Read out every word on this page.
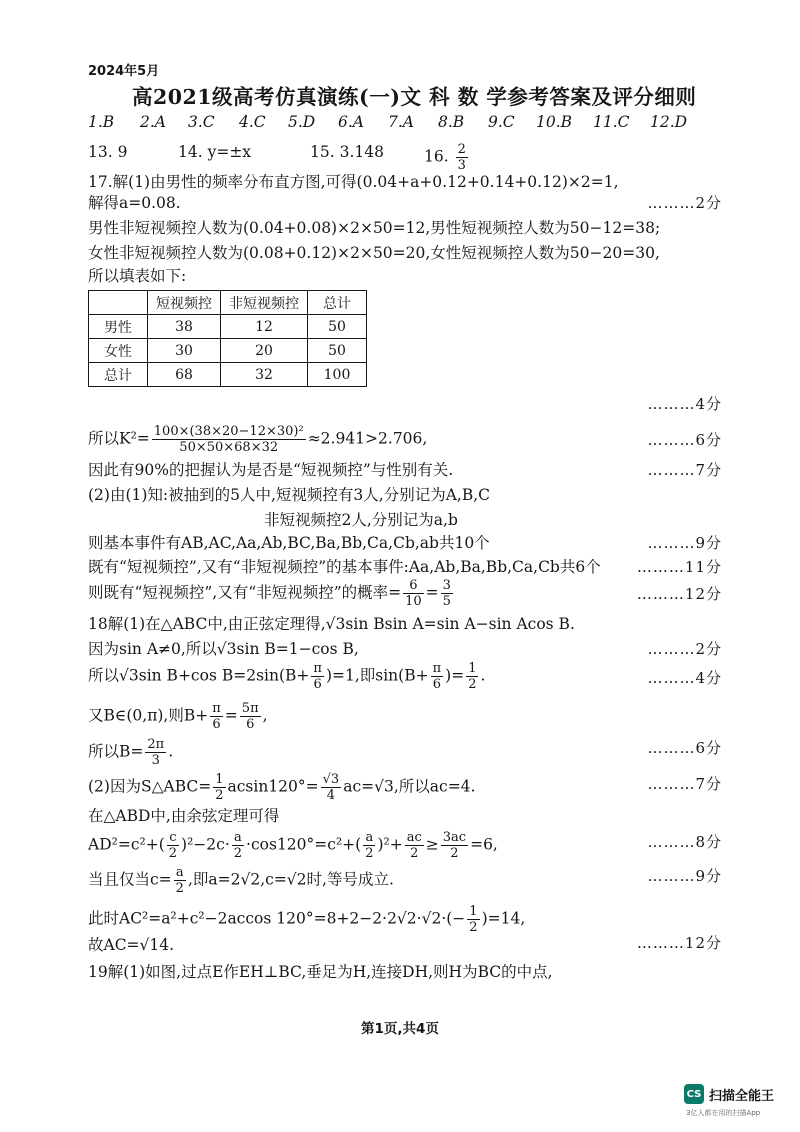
2024年5月
高2021级高考仿真演练(一)文 科 数 学参考答案及评分细则
1.B 2.A 3.C 4.C 5.D 6.A 7.A 8.B 9.C 10.B 11.C 12.D
13. 9	14. y=±x	15. 3.148	16. $\frac{2}{3}$
17.解(1)由男性的频率分布直方图,可得(0.04+a+0.12+0.14+0.12)×2=1,
解得a=0.08.	………2分
男性非短视频控人数为(0.04+0.08)×2×50=12,男性短视频控人数为50−12=38;
女性非短视频控人数为(0.08+0.12)×2×50=20,女性短视频控人数为50−20=30,
所以填表如下:
	短视频控	非短视频控	总计
男性	38	12	50
女性	30	20	50
总计	68	32	100
………4分
所以$K^2= \frac{\text{100×(38×20−12×30)²}}{50\times 50\times 68\times 32} \approx 2.941>2.706$,	………6分
因此有90%的把握认为是否是“短视频控”与性别有关.	………7分
(2)由(1)知:被抽到的5人中,短视频控有3人,分别记为A,B,C
非短视频控2人,分别记为a,b
则基本事件有AB,AC,Aa,Ab,BC,Ba,Bb,Ca,Cb,ab共10个	………9分
既有“短视频控”,又有“非短视频控”的基本事件:Aa,Ab,Ba,Bb,Ca,Cb共6个 ………11分
则既有“短视频控”,又有“非短视频控”的概率= $\frac{6}{10} = \frac{3}{5}$	………12分
18解(1)在△ABC中,由正弦定理得,√3sin Bsin A=sin A−sin Acos B.
因为sin A≠0,所以√3sin B=1−cos B,	………2分
所以√3sin B+cos $B=2\sin(B+ \frac{\pi}{6} )=1$,即$\sin(B+ \frac{\pi}{6}$ )= $\frac{1}{2}$ .	………4分
又B∈(0,π),则$B+ \frac{\pi}{6} = \frac{5\pi}{6}$ ,
所以$B= \frac{2\pi}{3}$ .	………6分
(2)因为S△ABC= $\frac{1}{2} acsin120^\circ= \frac{√3}{4} ac=√3$,所以ac=4.	………7分
在△ABD中,由余弦定理可得
$AD^2=c^2+( \frac{c}{2} )^2-2c\cdot \frac{a}{2} \cdot\cos 120^\circ=c^2+( \frac{a}{2} )^2+ \frac{ac}{2} \ge \frac{3ac}{2} =6$,	………8分
当且仅当$c= \frac{a}{2}$ ,即a=2√2,c=√2时,等号成立.	………9分
此时AC²=a²+c²−2accos $120^\circ=8+2-2\cdot 2√2\cdot√2\cdot(- \frac{1}{2} )=14$,
故AC=√14.	………12分
19解(1)如图,过点E作EH⊥BC,垂足为H,连接DH,则H为BC的中点,
第1页,共4页
CS 扫描全能王
3亿人都在用的扫描App
